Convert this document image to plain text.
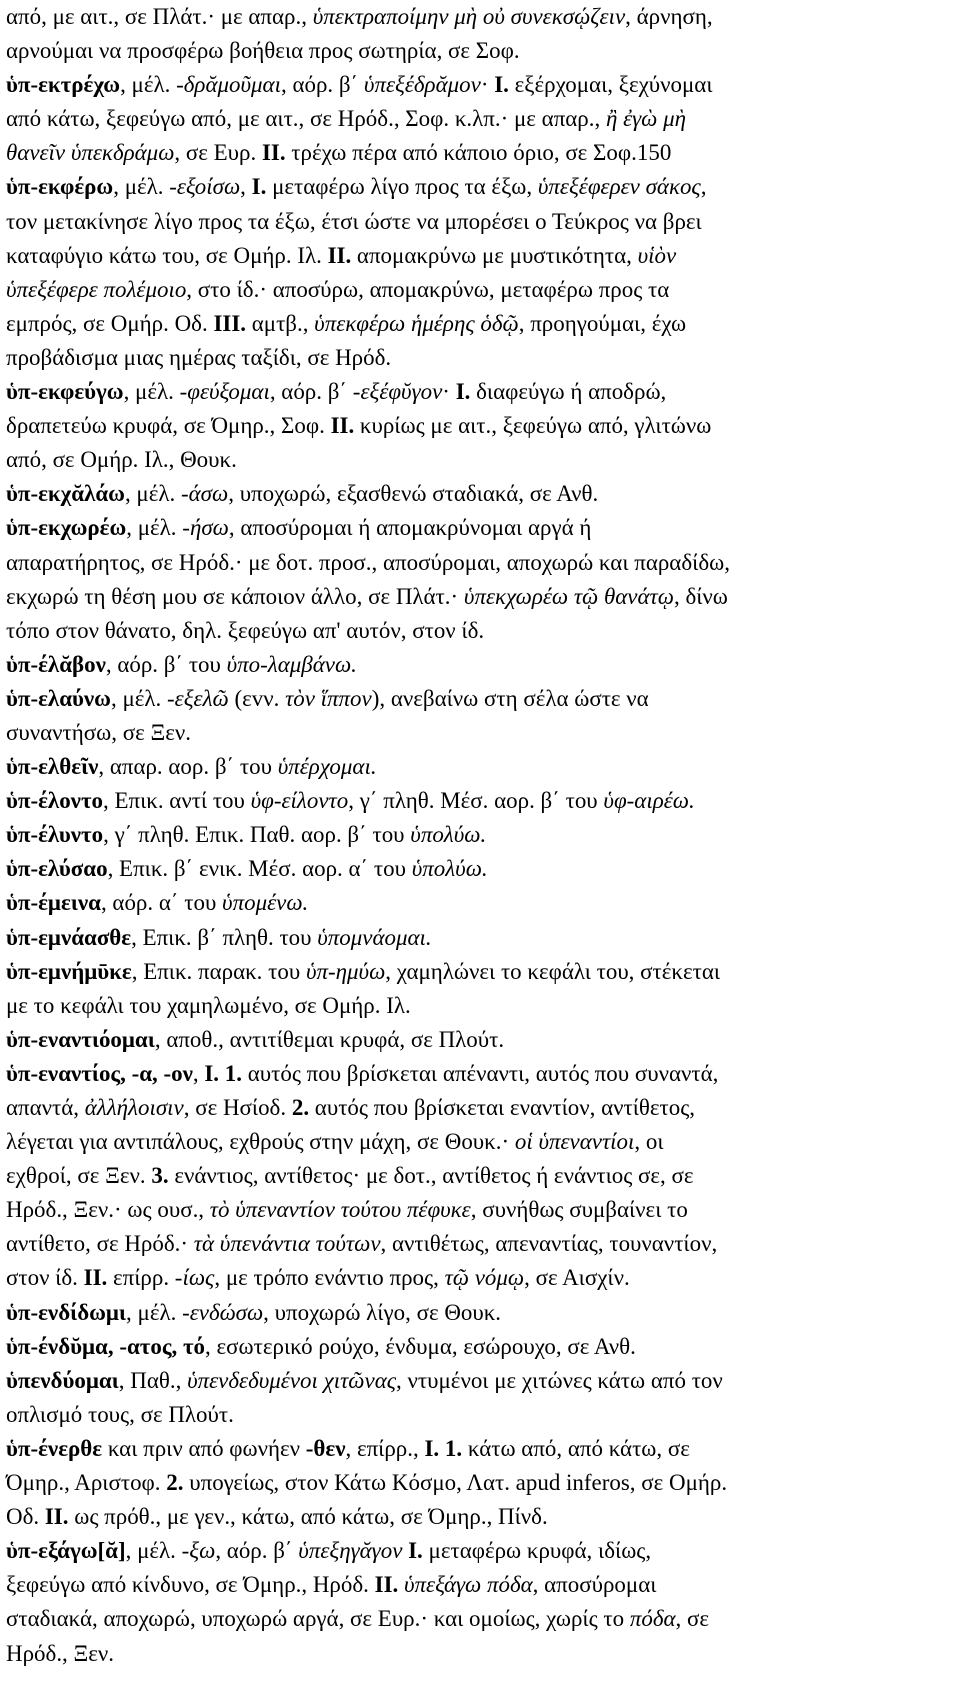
από, με αιτ., σε Πλάτ.· με απαρ., ὑπεκτραποίμην μὴ οὐ συνεκσῴζειν, άρνηση,
αρνούμαι να προσφέρω βοήθεια προς σωτηρία, σε Σοφ.
ὑπ-εκτρέχω, μέλ. -δρᾰμοῦμαι, αόρ. β΄ ὑπεξέδρᾰμον· I. εξέρχομαι, ξεχύνομαι
από κάτω, ξεφεύγω από, με αιτ., σε Ηρόδ., Σοφ. κ.λπ.· με απαρ., ἢ ἐγὼ μὴ
θανεῖν ὑπεκδράμω, σε Ευρ. II. τρέχω πέρα από κάποιο όριο, σε Σοφ.150
ὑπ-εκφέρω, μέλ. -εξοίσω, I. μεταφέρω λίγο προς τα έξω, ὑπεξέφερεν σάκος,
τον μετακίνησε λίγο προς τα έξω, έτσι ώστε να μπορέσει ο Τεύκρος να βρει
καταφύγιο κάτω του, σε Ομήρ. Ιλ. II. απομακρύνω με μυστικότητα, υἱὸν
ὑπεξέφερε πολέμοιο, στο ίδ.· αποσύρω, απομακρύνω, μεταφέρω προς τα
εμπρός, σε Ομήρ. Οδ. III. αμτβ., ὑπεκφέρω ἡμέρης ὁδῷ, προηγούμαι, έχω
προβάδισμα μιας ημέρας ταξίδι, σε Ηρόδ.
ὑπ-εκφεύγω, μέλ. -φεύξομαι, αόρ. β΄ -εξέφῠγον· I. διαφεύγω ή αποδρώ,
δραπετεύω κρυφά, σε Όμηρ., Σοφ. II. κυρίως με αιτ., ξεφεύγω από, γλιτώνω
από, σε Ομήρ. Ιλ., Θουκ.
ὑπ-εκχᾰλάω, μέλ. -άσω, υποχωρώ, εξασθενώ σταδιακά, σε Ανθ.
ὑπ-εκχωρέω, μέλ. -ήσω, αποσύρομαι ή απομακρύνομαι αργά ή
απαρατήρητος, σε Ηρόδ.· με δοτ. προσ., αποσύρομαι, αποχωρώ και παραδίδω,
εκχωρώ τη θέση μου σε κάποιον άλλο, σε Πλάτ.· ὑπεκχωρέω τῷ θανάτῳ, δίνω
τόπο στον θάνατο, δηλ. ξεφεύγω απ' αυτόν, στον ίδ.
ὑπ-έλᾰβον, αόρ. β΄ του ὑπο-λαμβάνω.
ὑπ-ελαύνω, μέλ. -εξελῶ (εvν. τὸν ἵππον), ανεβαίνω στη σέλα ώστε να
συναντήσω, σε Ξεν.
ὑπ-ελθεῖν, απαρ. αορ. β΄ του ὑπέρχομαι.
ὑπ-έλοντο, Επικ. αντί του ὑφ-είλοντο, γ΄ πληθ. Μέσ. αορ. β΄ του ὑφ-αιρέω.
ὑπ-έλυντο, γ΄ πληθ. Επικ. Παθ. αορ. β΄ του ὑπολύω.
ὑπ-ελύσαο, Επικ. β΄ ενικ. Μέσ. αορ. α΄ του ὑπολύω.
ὑπ-έμεινα, αόρ. α΄ του ὑπομένω.
ὑπ-εμνάασθε, Επικ. β΄ πληθ. του ὑπομνάομαι.
ὑπ-εμνήμῡκε, Επικ. παρακ. του ὑπ-ημύω, χαμηλώνει το κεφάλι του, στέκεται
με το κεφάλι του χαμηλωμένο, σε Ομήρ. Ιλ.
ὑπ-εναντιόομαι, αποθ., αντιτίθεμαι κρυφά, σε Πλούτ.
ὑπ-εναντίος, -α, -ον, I. 1. αυτός που βρίσκεται απέναντι, αυτός που συναντά,
απαντά, ἀλλήλοισιν, σε Ησίοδ. 2. αυτός που βρίσκεται εναντίον, αντίθετος,
λέγεται για αντιπάλους, εχθρούς στην μάχη, σε Θουκ.· οἱ ὑπεναντίοι, οι
εχθροί, σε Ξεν. 3. ενάντιος, αντίθετος· με δοτ., αντίθετος ή ενάντιος σε, σε
Ηρόδ., Ξεν.· ως ουσ., τὸ ὑπεναντίον τούτου πέφυκε, συνήθως συμβαίνει το
αντίθετο, σε Ηρόδ.· τὰ ὑπενάντια τούτων, αντιθέτως, απεναντίας, τουναντίον,
στον ίδ. II. επίρρ. -ίως, με τρόπο ενάντιο προς, τῷ νόμῳ, σε Αισχίν.
ὑπ-ενδίδωμι, μέλ. -ενδώσω, υποχωρώ λίγο, σε Θουκ.
ὑπ-ένδῠμα, -ατος, τό, εσωτερικό ρούχο, ένδυμα, εσώρουχο, σε Ανθ.
ὑπενδύομαι, Παθ., ὑπενδεδυμένοι χιτῶνας, ντυμένοι με χιτώνες κάτω από τον
οπλισμό τους, σε Πλούτ.
ὑπ-ένερθε και πριν από φωνήεν -θεν, επίρρ., I. 1. κάτω από, από κάτω, σε
Όμηρ., Αριστοφ. 2. υπογείως, στον Κάτω Κόσμο, Λατ. apud inferos, σε Ομήρ.
Οδ. II. ως πρόθ., με γεν., κάτω, από κάτω, σε Όμηρ., Πίνδ.
ὑπ-εξάγω[ᾰ], μέλ. -ξω, αόρ. β΄ ὑπεξηγᾰγον I. μεταφέρω κρυφά, ιδίως,
ξεφεύγω από κίνδυνο, σε Όμηρ., Ηρόδ. II. ὑπεξάγω πόδα, αποσύρομαι
σταδιακά, αποχωρώ, υποχωρώ αργά, σε Ευρ.· και ομοίως, χωρίς το πόδα, σε
Ηρόδ., Ξεν.
